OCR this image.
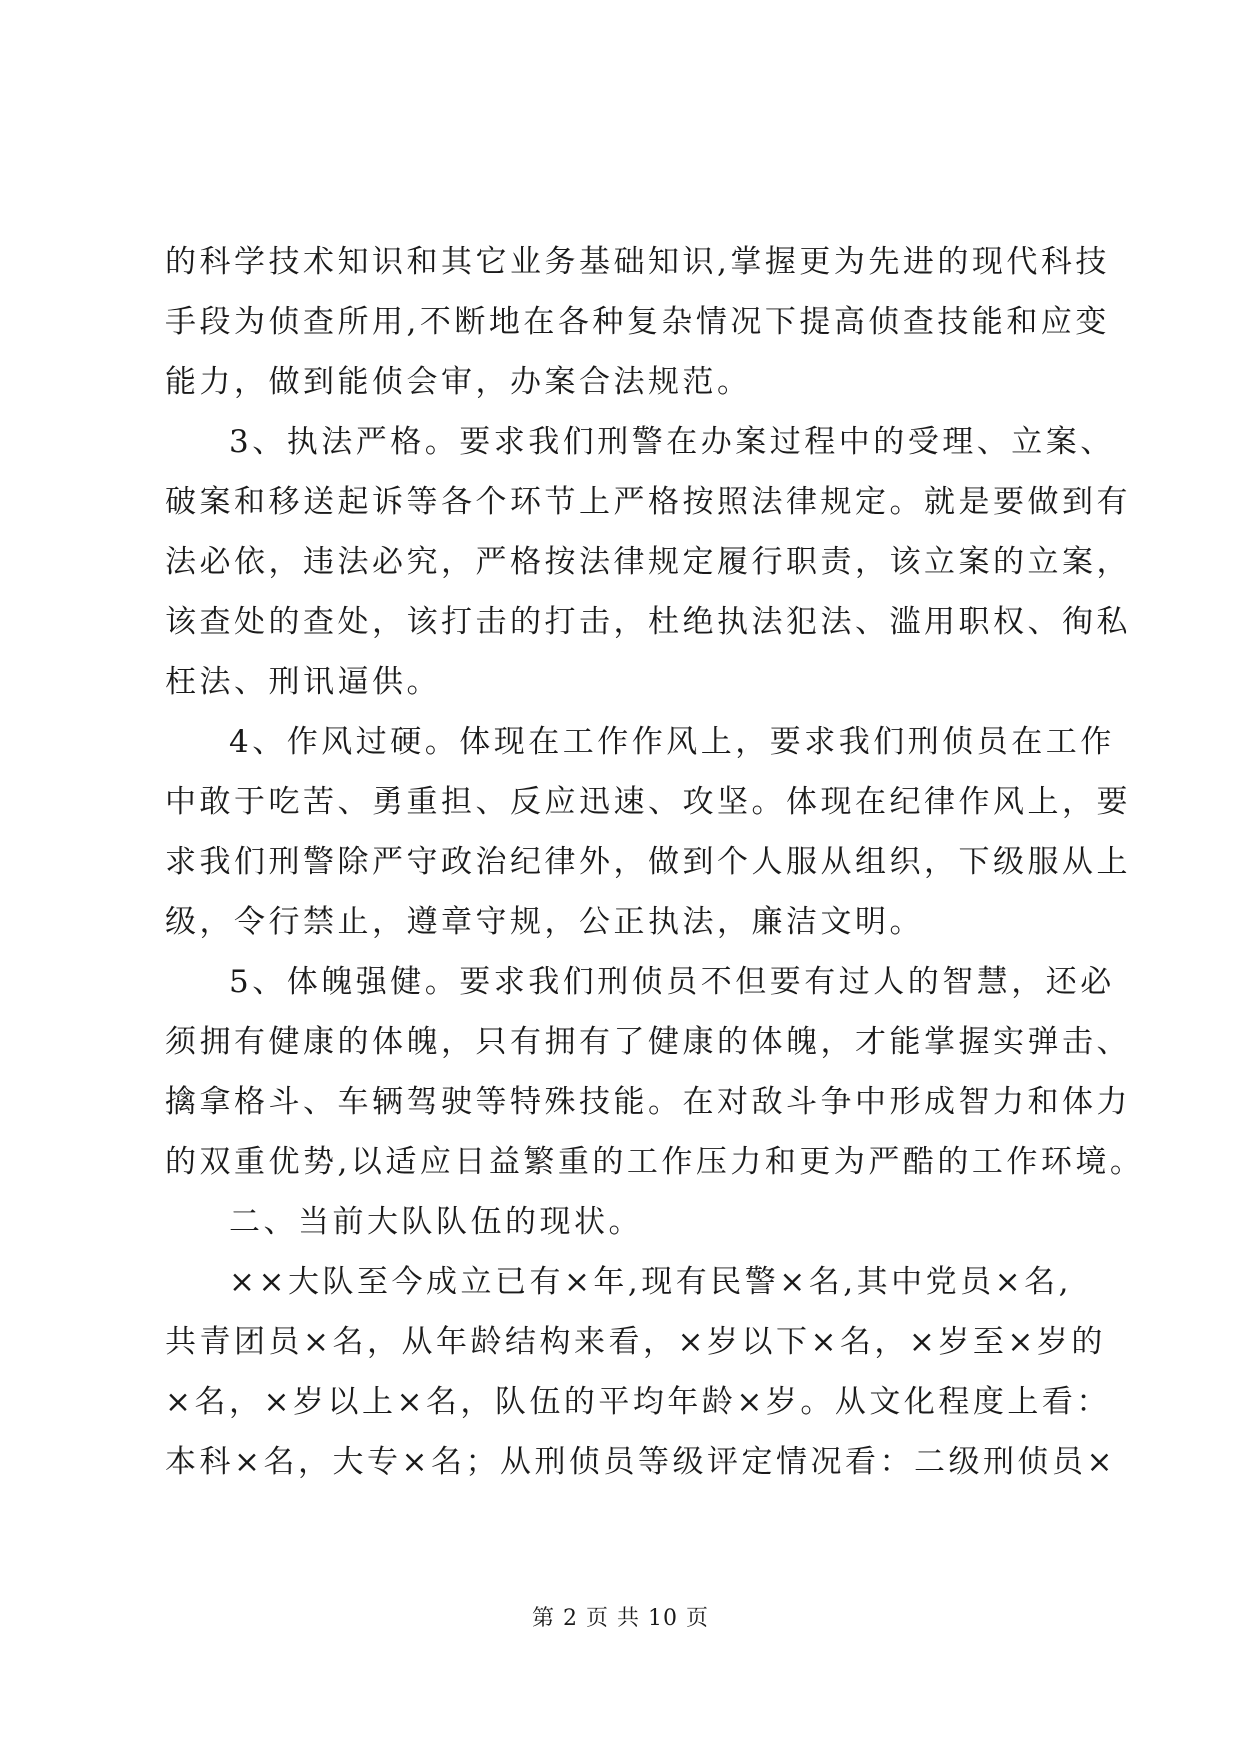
的科学技术知识和其它业务基础知识,掌握更为先进的现代科技
手段为侦查所用,不断地在各种复杂情况下提高侦查技能和应变
能力，做到能侦会审，办案合法规范。
3、执法严格。要求我们刑警在办案过程中的受理、立案、
破案和移送起诉等各个环节上严格按照法律规定。就是要做到有
法必依，违法必究，严格按法律规定履行职责，该立案的立案，
该查处的查处，该打击的打击，杜绝执法犯法、滥用职权、徇私
枉法、刑讯逼供。
4、作风过硬。体现在工作作风上，要求我们刑侦员在工作
中敢于吃苦、勇重担、反应迅速、攻坚。体现在纪律作风上，要
求我们刑警除严守政治纪律外，做到个人服从组织，下级服从上
级，令行禁止，遵章守规，公正执法，廉洁文明。
5、体魄强健。要求我们刑侦员不但要有过人的智慧，还必
须拥有健康的体魄，只有拥有了健康的体魄，才能掌握实弹击、
擒拿格斗、车辆驾驶等特殊技能。在对敌斗争中形成智力和体力
的双重优势,以适应日益繁重的工作压力和更为严酷的工作环境。
二、当前大队队伍的现状。
××大队至今成立已有×年,现有民警×名,其中党员×名,
共青团员×名，从年龄结构来看，×岁以下×名，×岁至×岁的
×名，×岁以上×名，队伍的平均年龄×岁。从文化程度上看：
本科×名，大专×名；从刑侦员等级评定情况看：二级刑侦员×
第 2 页 共 10 页
